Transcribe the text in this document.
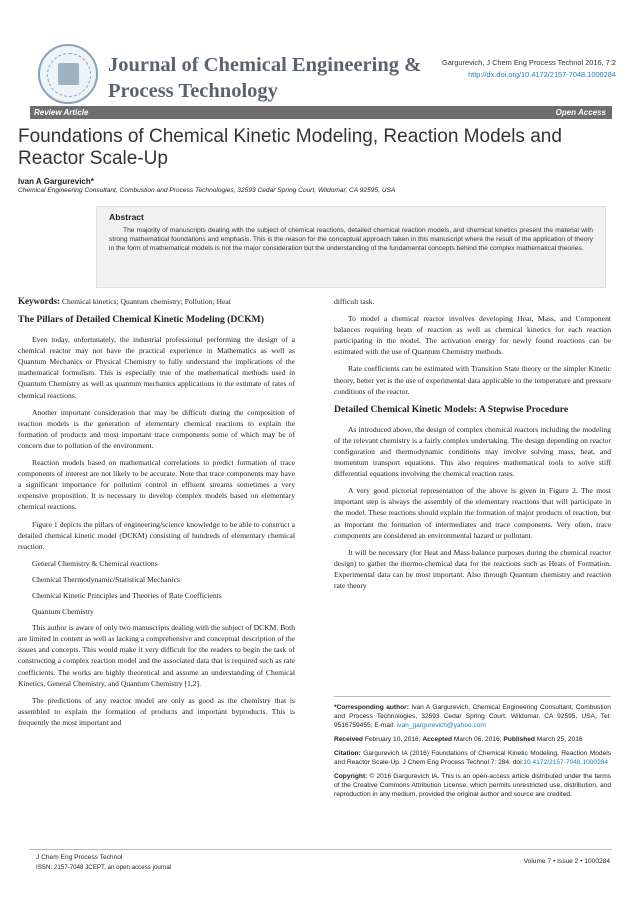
Journal of Chemical Engineering &
Process Technology
Gargurevich, J Chem Eng Process Technol 2016, 7:2
http://dx.doi.org/10.4172/2157-7048.1000284
Review Article	Open Access
Foundations of Chemical Kinetic Modeling, Reaction Models and Reactor Scale-Up
Ivan A Gargurevich*
Chemical Engineering Consultant, Combustion and Process Technologies, 32593 Cedar Spring Court, Wildomar, CA 92595, USA
Abstract

The majority of manuscripts dealing with the subject of chemical reactions, detailed chemical reaction models, and chemical kinetics present the material with strong mathematical foundations and emphasis. This is the reason for the conceptual approach taken in this manuscript where the result of the application of theory in the form of mathematical models is not the major consideration but the understanding of the fundamental concepts behind the complex mathematical theories.

Keywords: Chemical kinetics; Quantum chemistry; Pollution; Heat

The Pillars of Detailed Chemical Kinetic Modeling (DCKM)

Even today, unfortunately, the industrial professional performing the design of a chemical reactor may not have the practical experience in Mathematics as well as Quantum Mechanics or Physical Chemistry to fully understand the implications of the mathematical formulism. This is especially true of the mathematical methods used in Quantum Chemistry as well as quantum mechanics applications to the estimate of rates of chemical reactions.

Another important consideration that may be difficult during the composition of reaction models is the generation of elementary chemical reactions to explain the formation of products and most important trace components some of which may be of concern due to pollution of the environment.

Reaction models based on mathematical correlations to predict formation of trace components of interest are not likely to be accurate. Note that trace components may have a significant importance for pollution control in effluent streams sometimes a very expensive proposition. It is necessary to develop complex models based on elementary chemical reactions.

Figure 1 depicts the pillars of engineering/science knowledge to be able to construct a detailed chemical kinetic model (DCKM) consisting of hundreds of elementary chemical reaction.

General Chemistry & Chemical reactions

Chemical Thermodynamic/Statistical Mechanics

Chemical Kinetic Principles and Theories of Rate Coefficients

Quantum Chemistry

This author is aware of only two manuscripts dealing with the subject of DCKM. Both are limited in content as well as lacking a comprehensive and conceptual description of the issues and concepts. This would make it very difficult for the readers to begin the task of constructing a complex reaction model and the associated data that is required such as rate coefficients. The works are highly theoretical and assume an understanding of Chemical Kinetics, General Chemistry, and Quantum Chemistry [1,2].

The predictions of any reactor model are only as good as the chemistry that is assembled to explain the formation of products and important byproducts. This is frequently the most important and

difficult task.

To model a chemical reactor involves developing Heat, Mass, and Component balances requiring heats of reaction as well as chemical kinetics for each reaction participating in the model. The activation energy for newly found reactions can be estimated with the use of Quantum Chemistry methods.

Rate coefficients can be estimated with Transition State theory or the simpler Kinetic theory, better yet is the use of experimental data applicable to the temperature and pressure conditions of the reactor.

Detailed Chemical Kinetic Models: A Stepwise Procedure

As introduced above, the design of complex chemical reactors including the modeling of the relevant chemistry is a fairly complex undertaking. The design depending on reactor configuration and thermodynamic conditions may involve solving mass, heat, and momentum transport equations. This also requires mathematical tools to solve stiff differential equations involving the chemical reaction rates.

A very good pictorial representation of the above is given in Figure 2. The most important step is always the assembly of the elementary reactions that will participate in the model. These reactions should explain the formation of major products of reaction, but as important the formation of intermediates and trace components. Very often, trace components are considered an environmental hazard or pollutant.

It will be necessary (for Heat and Mass balance purposes during the chemical reactor design) to gather the thermo-chemical data for the reactions such as Heats of Formation. Experimental data can be most important. Also through Quantum chemistry and reaction rate theory

*Corresponding author: Ivan A Gargurevich, Chemical Engineering Consultant, Combustion and Process Technologies, 32593 Cedar Spring Court, Wildomar, CA 92595, USA, Tel: 9516759455; E-mail: ivan_gargurevich@yahoo.com

Received February 10, 2016; Accepted March 06, 2016; Published March 25, 2016

Citation: Gargurevich IA (2016) Foundations of Chemical Kinetic Modeling, Reaction Models and Reactor Scale-Up. J Chem Eng Process Technol 7: 284. doi:10.4172/2157-7048.1000284

Copyright: © 2016 Gargurevich IA. This is an open-access article distributed under the terms of the Creative Commons Attribution License, which permits unrestricted use, distribution, and reproduction in any medium, provided the original author and source are credited.

J Chem Eng Process Technol
ISSN: 2157-7048 JCEPT, an open access journal
Volume 7 • Issue 2 • 1000284
